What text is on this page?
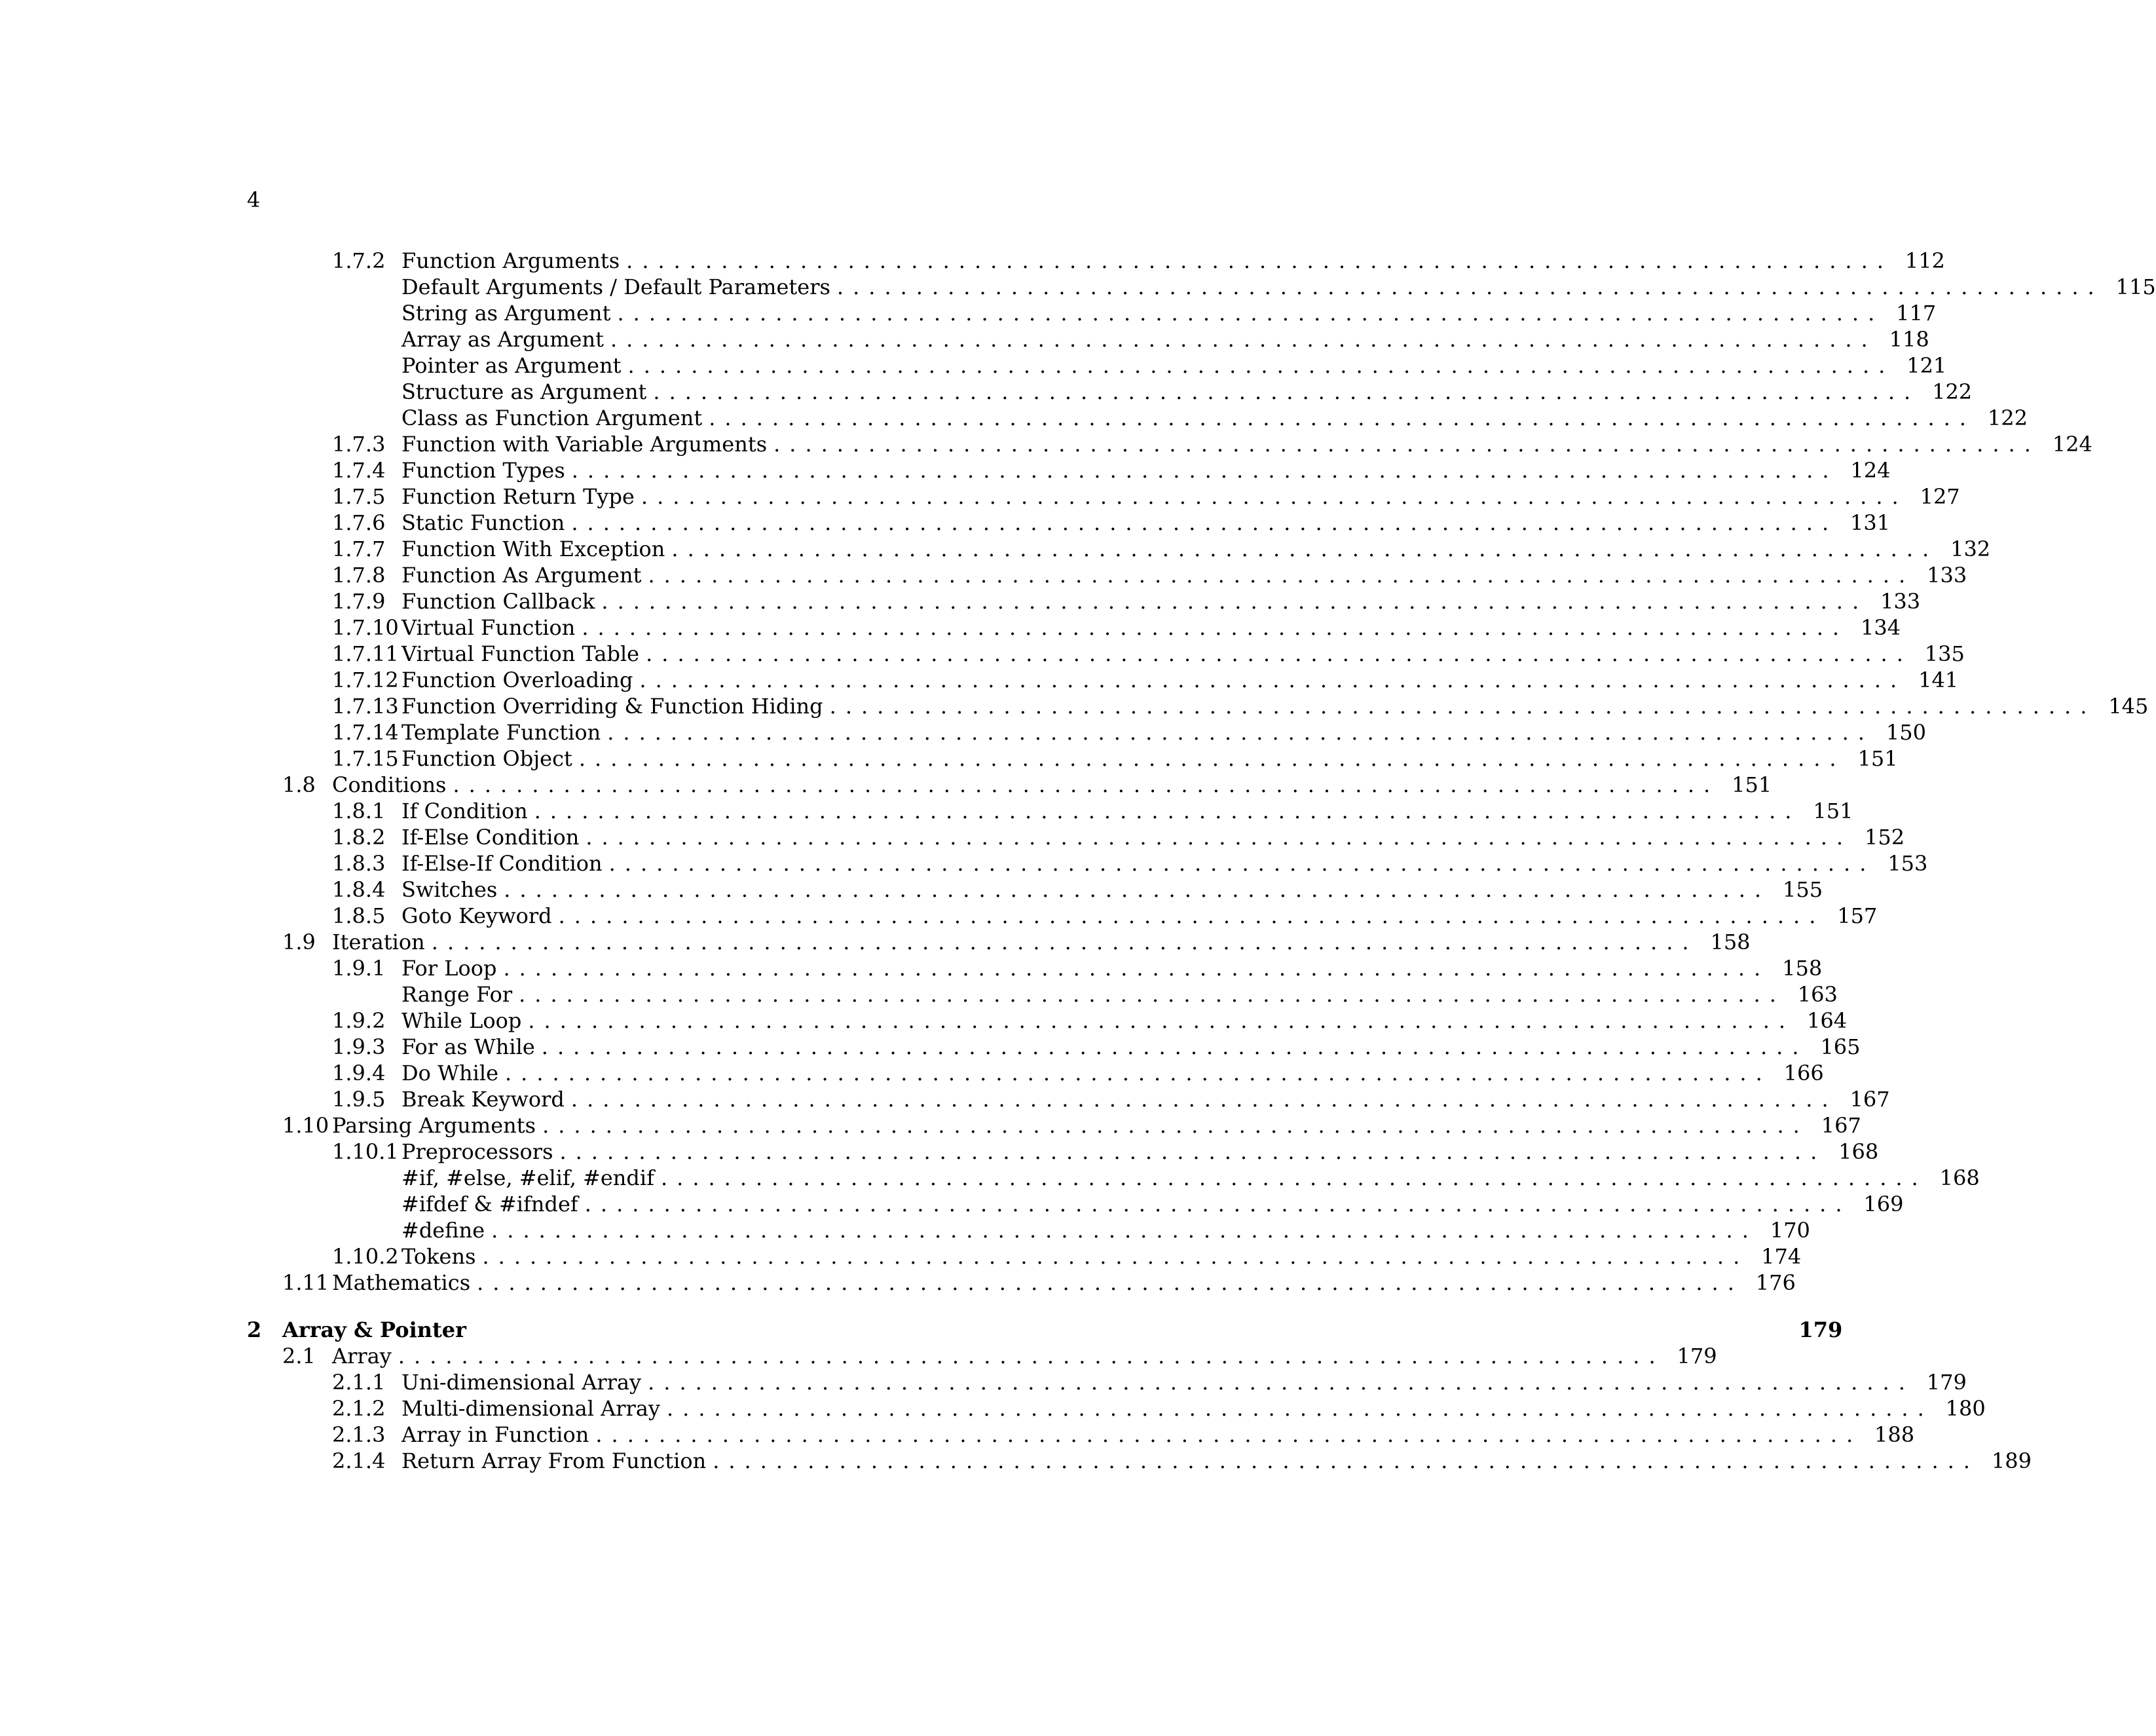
4
1.7.2 Function Arguments ................................................................................ 112
Default Arguments / Default Parameters ................................................................................ 115
String as Argument ................................................................................ 117
Array as Argument ................................................................................ 118
Pointer as Argument ................................................................................ 121
Structure as Argument ................................................................................ 122
Class as Function Argument ................................................................................ 122
1.7.3 Function with Variable Arguments ................................................................................ 124
1.7.4 Function Types ................................................................................ 124
1.7.5 Function Return Type ................................................................................ 127
1.7.6 Static Function ................................................................................ 131
1.7.7 Function With Exception ................................................................................ 132
1.7.8 Function As Argument ................................................................................ 133
1.7.9 Function Callback ................................................................................ 133
1.7.10 Virtual Function ................................................................................ 134
1.7.11 Virtual Function Table ................................................................................ 135
1.7.12 Function Overloading ................................................................................ 141
1.7.13 Function Overriding & Function Hiding ................................................................................ 145
1.7.14 Template Function ................................................................................ 150
1.7.15 Function Object ................................................................................ 151
1.8 Conditions ................................................................................ 151
1.8.1 If Condition ................................................................................ 151
1.8.2 If-Else Condition ................................................................................ 152
1.8.3 If-Else-If Condition ................................................................................ 153
1.8.4 Switches ................................................................................ 155
1.8.5 Goto Keyword ................................................................................ 157
1.9 Iteration ................................................................................ 158
1.9.1 For Loop ................................................................................ 158
Range For ................................................................................ 163
1.9.2 While Loop ................................................................................ 164
1.9.3 For as While ................................................................................ 165
1.9.4 Do While ................................................................................ 166
1.9.5 Break Keyword ................................................................................ 167
1.10 Parsing Arguments ................................................................................ 167
1.10.1 Preprocessors ................................................................................ 168
#if, #else, #elif, #endif ................................................................................ 168
#ifdef & #ifndef ................................................................................ 169
#define ................................................................................ 170
1.10.2 Tokens ................................................................................ 174
1.11 Mathematics ................................................................................ 176
2 Array & Pointer	179
2.1 Array ................................................................................ 179
2.1.1 Uni-dimensional Array ................................................................................ 179
2.1.2 Multi-dimensional Array ................................................................................ 180
2.1.3 Array in Function ................................................................................ 188
2.1.4 Return Array From Function ................................................................................ 189
